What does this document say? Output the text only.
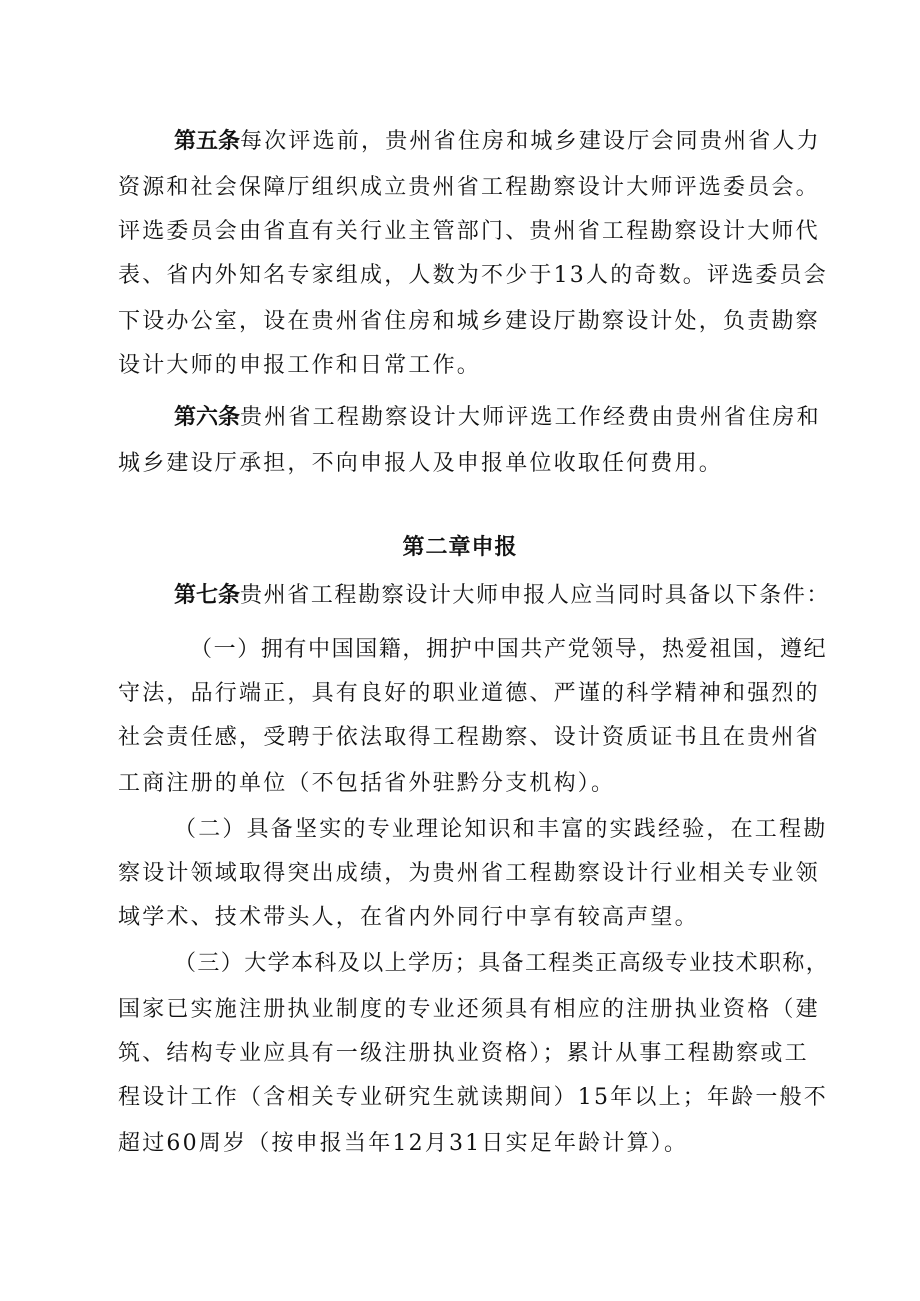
第五条每次评选前，贵州省住房和城乡建设厅会同贵州省人力
资源和社会保障厅组织成立贵州省工程勘察设计大师评选委员会。
评选委员会由省直有关行业主管部门、贵州省工程勘察设计大师代
表、省内外知名专家组成，人数为不少于13人的奇数。评选委员会
下设办公室，设在贵州省住房和城乡建设厅勘察设计处，负责勘察
设计大师的申报工作和日常工作。
第六条贵州省工程勘察设计大师评选工作经费由贵州省住房和
城乡建设厅承担，不向申报人及申报单位收取任何费用。
第二章申报
第七条贵州省工程勘察设计大师申报人应当同时具备以下条件：
（一）拥有中国国籍，拥护中国共产党领导，热爱祖国，遵纪
守法，品行端正，具有良好的职业道德、严谨的科学精神和强烈的
社会责任感，受聘于依法取得工程勘察、设计资质证书且在贵州省
工商注册的单位（不包括省外驻黔分支机构）。
（二）具备坚实的专业理论知识和丰富的实践经验，在工程勘
察设计领域取得突出成绩，为贵州省工程勘察设计行业相关专业领
域学术、技术带头人，在省内外同行中享有较高声望。
（三）大学本科及以上学历；具备工程类正高级专业技术职称，
国家已实施注册执业制度的专业还须具有相应的注册执业资格（建
筑、结构专业应具有一级注册执业资格）；累计从事工程勘察或工
程设计工作（含相关专业研究生就读期间）15年以上；年龄一般不
超过60周岁（按申报当年12月31日实足年龄计算）。
